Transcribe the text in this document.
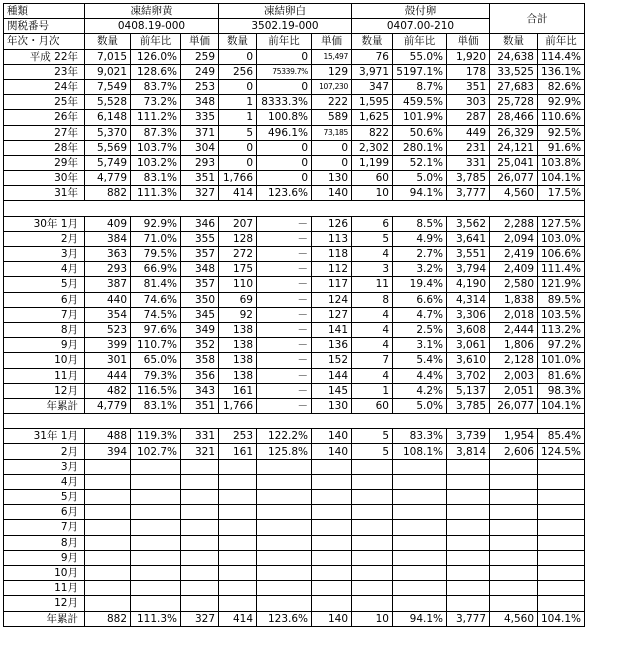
種類	凍結卵黄			凍結卵白			殻付卵			合計	
関税番号	0408.19-000			3502.19-000			0407.00-210				
年次・月次	数量	前年比	単価	数量	前年比	単価	数量	前年比	単価	数量	前年比
平成 22年	7,015	126.0%	259	0	0	15,497	76	55.0%	1,920	24,638	114.4%
23年	9,021	128.6%	249	256	75339.7%	129	3,971	5197.1%	178	33,525	136.1%
24年	7,549	83.7%	253	0	0	107,230	347	8.7%	351	27,683	82.6%
25年	5,528	73.2%	348	1	8333.3%	222	1,595	459.5%	303	25,728	92.9%
26年	6,148	111.2%	335	1	100.8%	589	1,625	101.9%	287	28,466	110.6%
27年	5,370	87.3%	371	5	496.1%	73,185	822	50.6%	449	26,329	92.5%
28年	5,569	103.7%	304	0	0	0	2,302	280.1%	231	24,121	91.6%
29年	5,749	103.2%	293	0	0	0	1,199	52.1%	331	25,041	103.8%
30年	4,779	83.1%	351	1,766	0	130	60	5.0%	3,785	26,077	104.1%
31年	882	111.3%	327	414	123.6%	140	10	94.1%	3,777	4,560	17.5%

30年 1月	409	92.9%	346	207	－	126	6	8.5%	3,562	2,288	127.5%
2月	384	71.0%	355	128	－	113	5	4.9%	3,641	2,094	103.0%
3月	363	79.5%	357	272	－	118	4	2.7%	3,551	2,419	106.6%
4月	293	66.9%	348	175	－	112	3	3.2%	3,794	2,409	111.4%
5月	387	81.4%	357	110	－	117	11	19.4%	4,190	2,580	121.9%
6月	440	74.6%	350	69	－	124	8	6.6%	4,314	1,838	89.5%
7月	354	74.5%	345	92	－	127	4	4.7%	3,306	2,018	103.5%
8月	523	97.6%	349	138	－	141	4	2.5%	3,608	2,444	113.2%
9月	399	110.7%	352	138	－	136	4	3.1%	3,061	1,806	97.2%
10月	301	65.0%	358	138	－	152	7	5.4%	3,610	2,128	101.0%
11月	444	79.3%	356	138	－	144	4	4.4%	3,702	2,003	81.6%
12月	482	116.5%	343	161	－	145	1	4.2%	5,137	2,051	98.3%
年累計	4,779	83.1%	351	1,766	－	130	60	5.0%	3,785	26,077	104.1%

31年 1月	488	119.3%	331	253	122.2%	140	5	83.3%	3,739	1,954	85.4%
2月	394	102.7%	321	161	125.8%	140	5	108.1%	3,814	2,606	124.5%
3月											
4月											
5月											
6月											
7月											
8月											
9月											
10月											
11月											
12月											
年累計	882	111.3%	327	414	123.6%	140	10	94.1%	3,777	4,560	104.1%
